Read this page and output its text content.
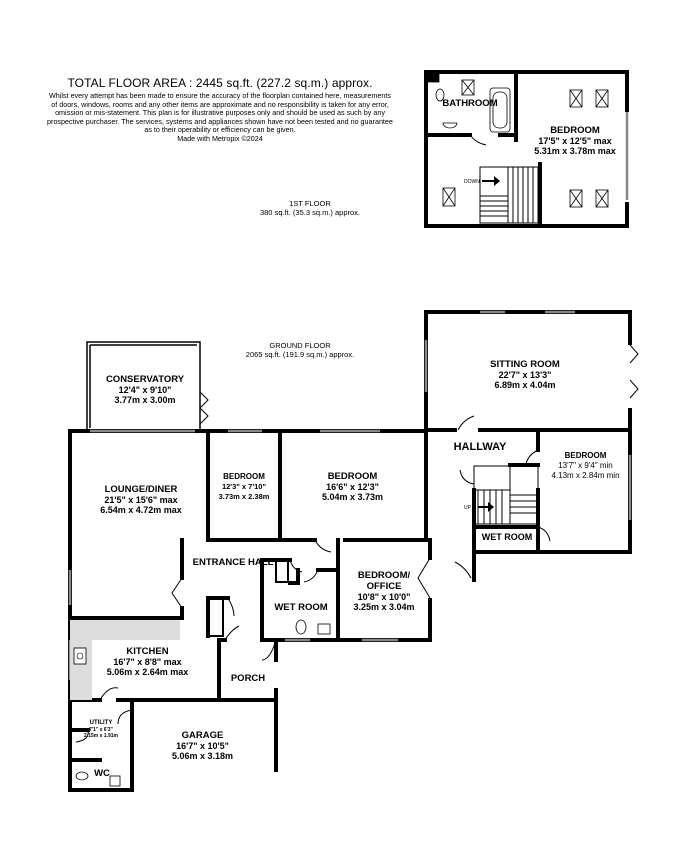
TOTAL FLOOR AREA : 2445 sq.ft. (227.2 sq.m.) approx.
Whilst every attempt has been made to ensure the accuracy of the floorplan contained here, measurements
of doors, windows, rooms and any other items are approximate and no responsibility is taken for any error,
omission or mis-statement. This plan is for illustrative purposes only and should be used as such by any
prospective purchaser. The services, systems and appliances shown have not been tested and no guarantee
as to their operability or efficiency can be given.
Made with Metropix ©2024
1ST FLOOR
380 sq.ft. (35.3 sq.m.) approx.
GROUND FLOOR
2065 sq.ft. (191.9 sq.m.) approx.
DOWN
UP
BATHROOM
BEDROOM
17'5" x 12'5" max
5.31m x 3.78m max
CONSERVATORY
12'4" x 9'10"
3.77m x 3.00m
SITTING ROOM
22'7" x 13'3"
6.89m x 4.04m
HALLWAY
BEDROOM
13'7" x 9'4" min
4.13m x 2.84m min
LOUNGE/DINER
21'5" x 15'6" max
6.54m x 4.72m max
BEDROOM
12'3" x 7'10"
3.73m x 2.38m
BEDROOM
16'6" x 12'3"
5.04m x 3.73m
ENTRANCE HALL
BEDROOM/
OFFICE
10'8" x 10'0"
3.25m x 3.04m
WET ROOM
WET ROOM
KITCHEN
16'7" x 8'8" max
5.06m x 2.64m max
PORCH
UTILITY
7'1" x 6'3"
2.15m x 1.91m	GARAGE
16'7" x 10'5"
5.06m x 3.18m
WC
